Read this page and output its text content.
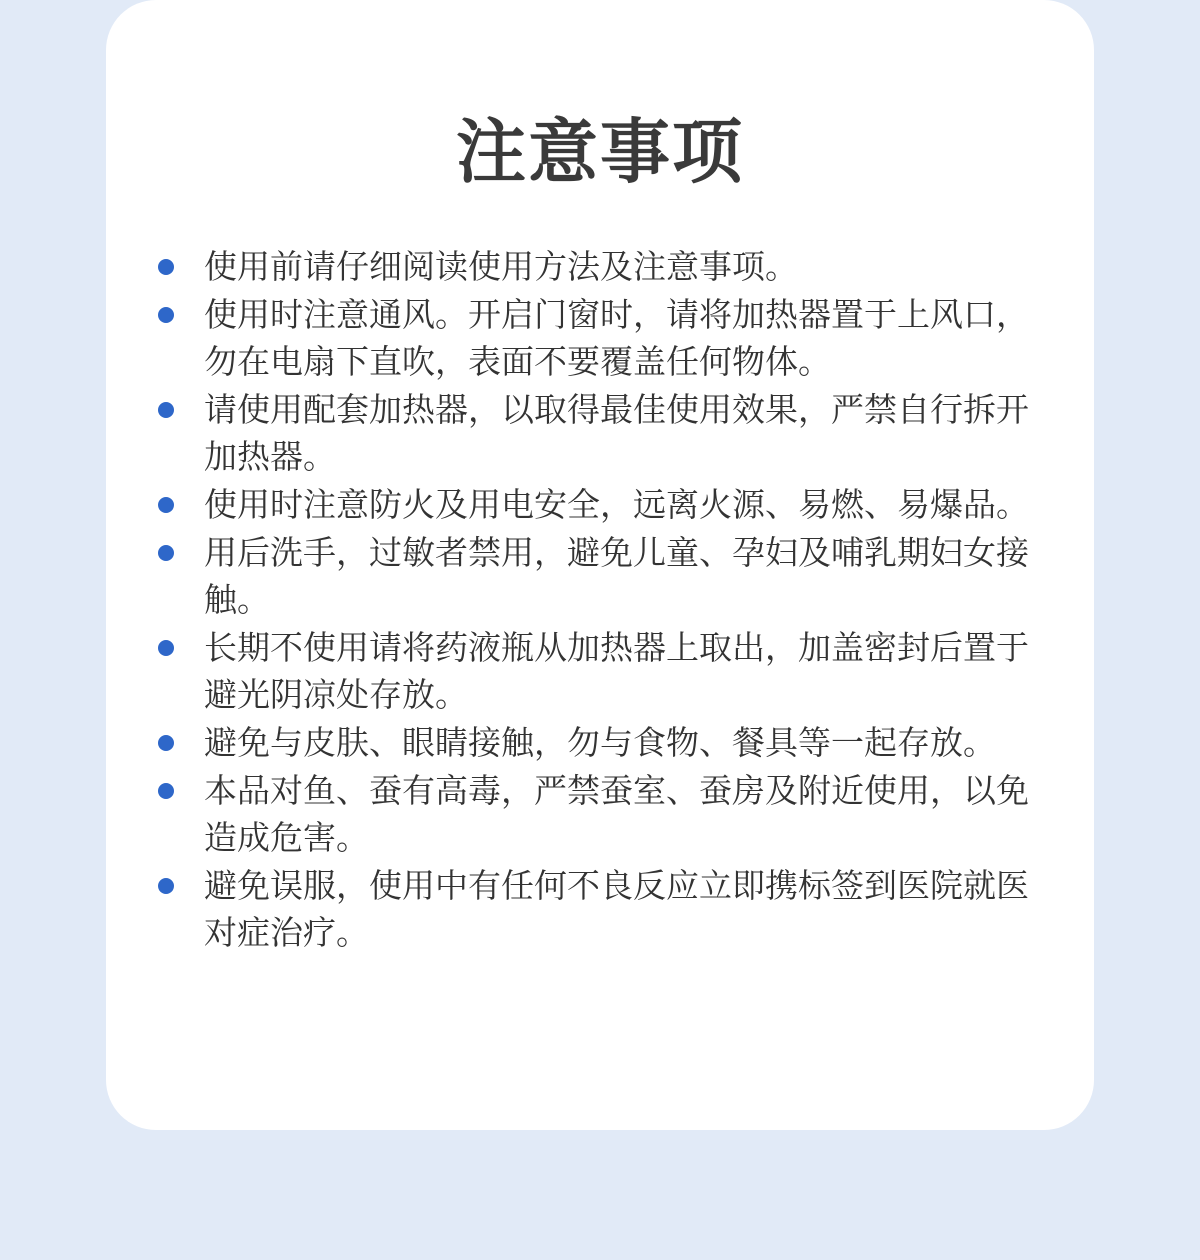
注意事项
使用前请仔细阅读使用方法及注意事项。
使用时注意通风。开启门窗时，请将加热器置于上风口，勿在电扇下直吹，表面不要覆盖任何物体。
请使用配套加热器，以取得最佳使用效果，严禁自行拆开加热器。
使用时注意防火及用电安全，远离火源、易燃、易爆品。
用后洗手，过敏者禁用，避免儿童、孕妇及哺乳期妇女接触。
长期不使用请将药液瓶从加热器上取出，加盖密封后置于避光阴凉处存放。
避免与皮肤、眼睛接触，勿与食物、餐具等一起存放。
本品对鱼、蚕有高毒，严禁蚕室、蚕房及附近使用，以免造成危害。
避免误服，使用中有任何不良反应立即携标签到医院就医对症治疗。
